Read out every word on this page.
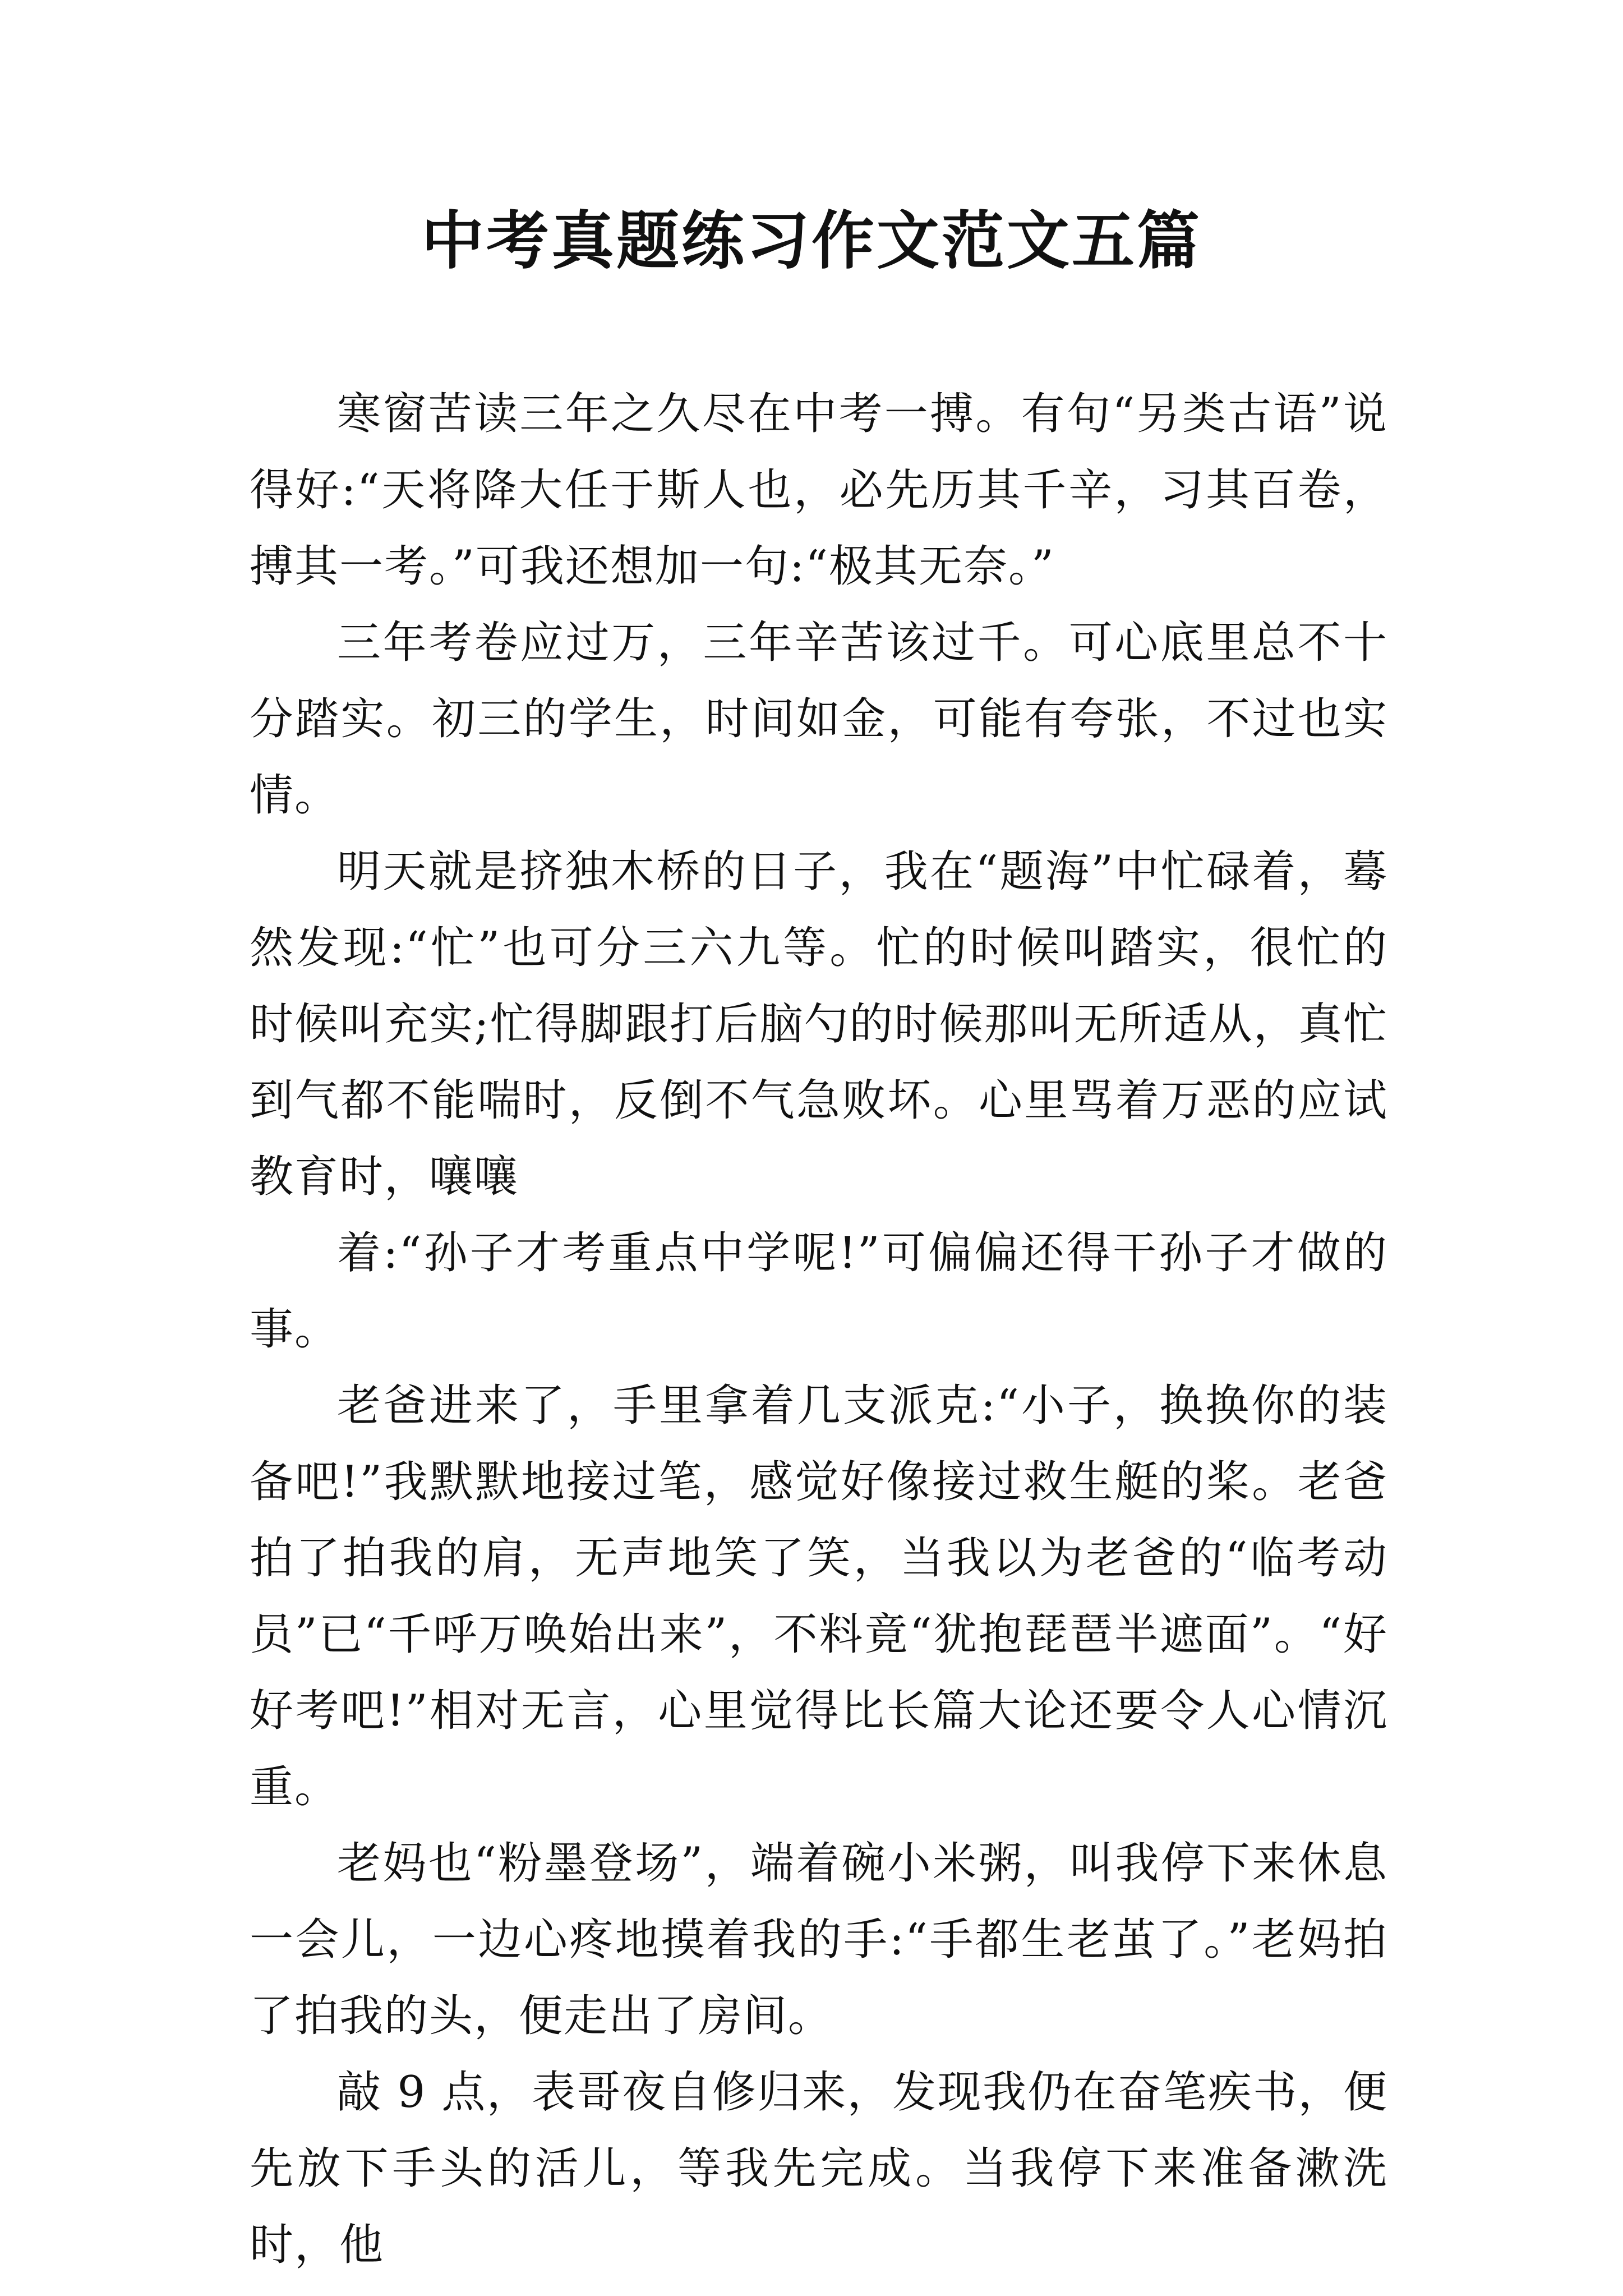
中考真题练习作文范文五篇

寒窗苦读三年之久尽在中考一搏。有句“另类古语”说得好:“天将降大任于斯人也，必先历其千辛，习其百卷，搏其一考。”可我还想加一句:“极其无奈。”

三年考卷应过万，三年辛苦该过千。可心底里总不十分踏实。初三的学生，时间如金，可能有夸张，不过也实情。

明天就是挤独木桥的日子，我在“题海”中忙碌着，蓦然发现:“忙”也可分三六九等。忙的时候叫踏实，很忙的时候叫充实;忙得脚跟打后脑勺的时候那叫无所适从，真忙到气都不能喘时，反倒不气急败坏。心里骂着万恶的应试教育时，嚷嚷

着:“孙子才考重点中学呢!”可偏偏还得干孙子才做的事。

老爸进来了，手里拿着几支派克:“小子，换换你的装备吧!”我默默地接过笔，感觉好像接过救生艇的桨。老爸拍了拍我的肩，无声地笑了笑，当我以为老爸的“临考动员”已“千呼万唤始出来”，不料竟“犹抱琵琶半遮面”。“好好考吧!”相对无言，心里觉得比长篇大论还要令人心情沉重。

老妈也“粉墨登场”，端着碗小米粥，叫我停下来休息一会儿，一边心疼地摸着我的手:“手都生老茧了。”老妈拍了拍我的头，便走出了房间。

敲 9 点，表哥夜自修归来，发现我仍在奋笔疾书，便先放下手头的活儿，等我先完成。当我停下来准备漱洗时，他
